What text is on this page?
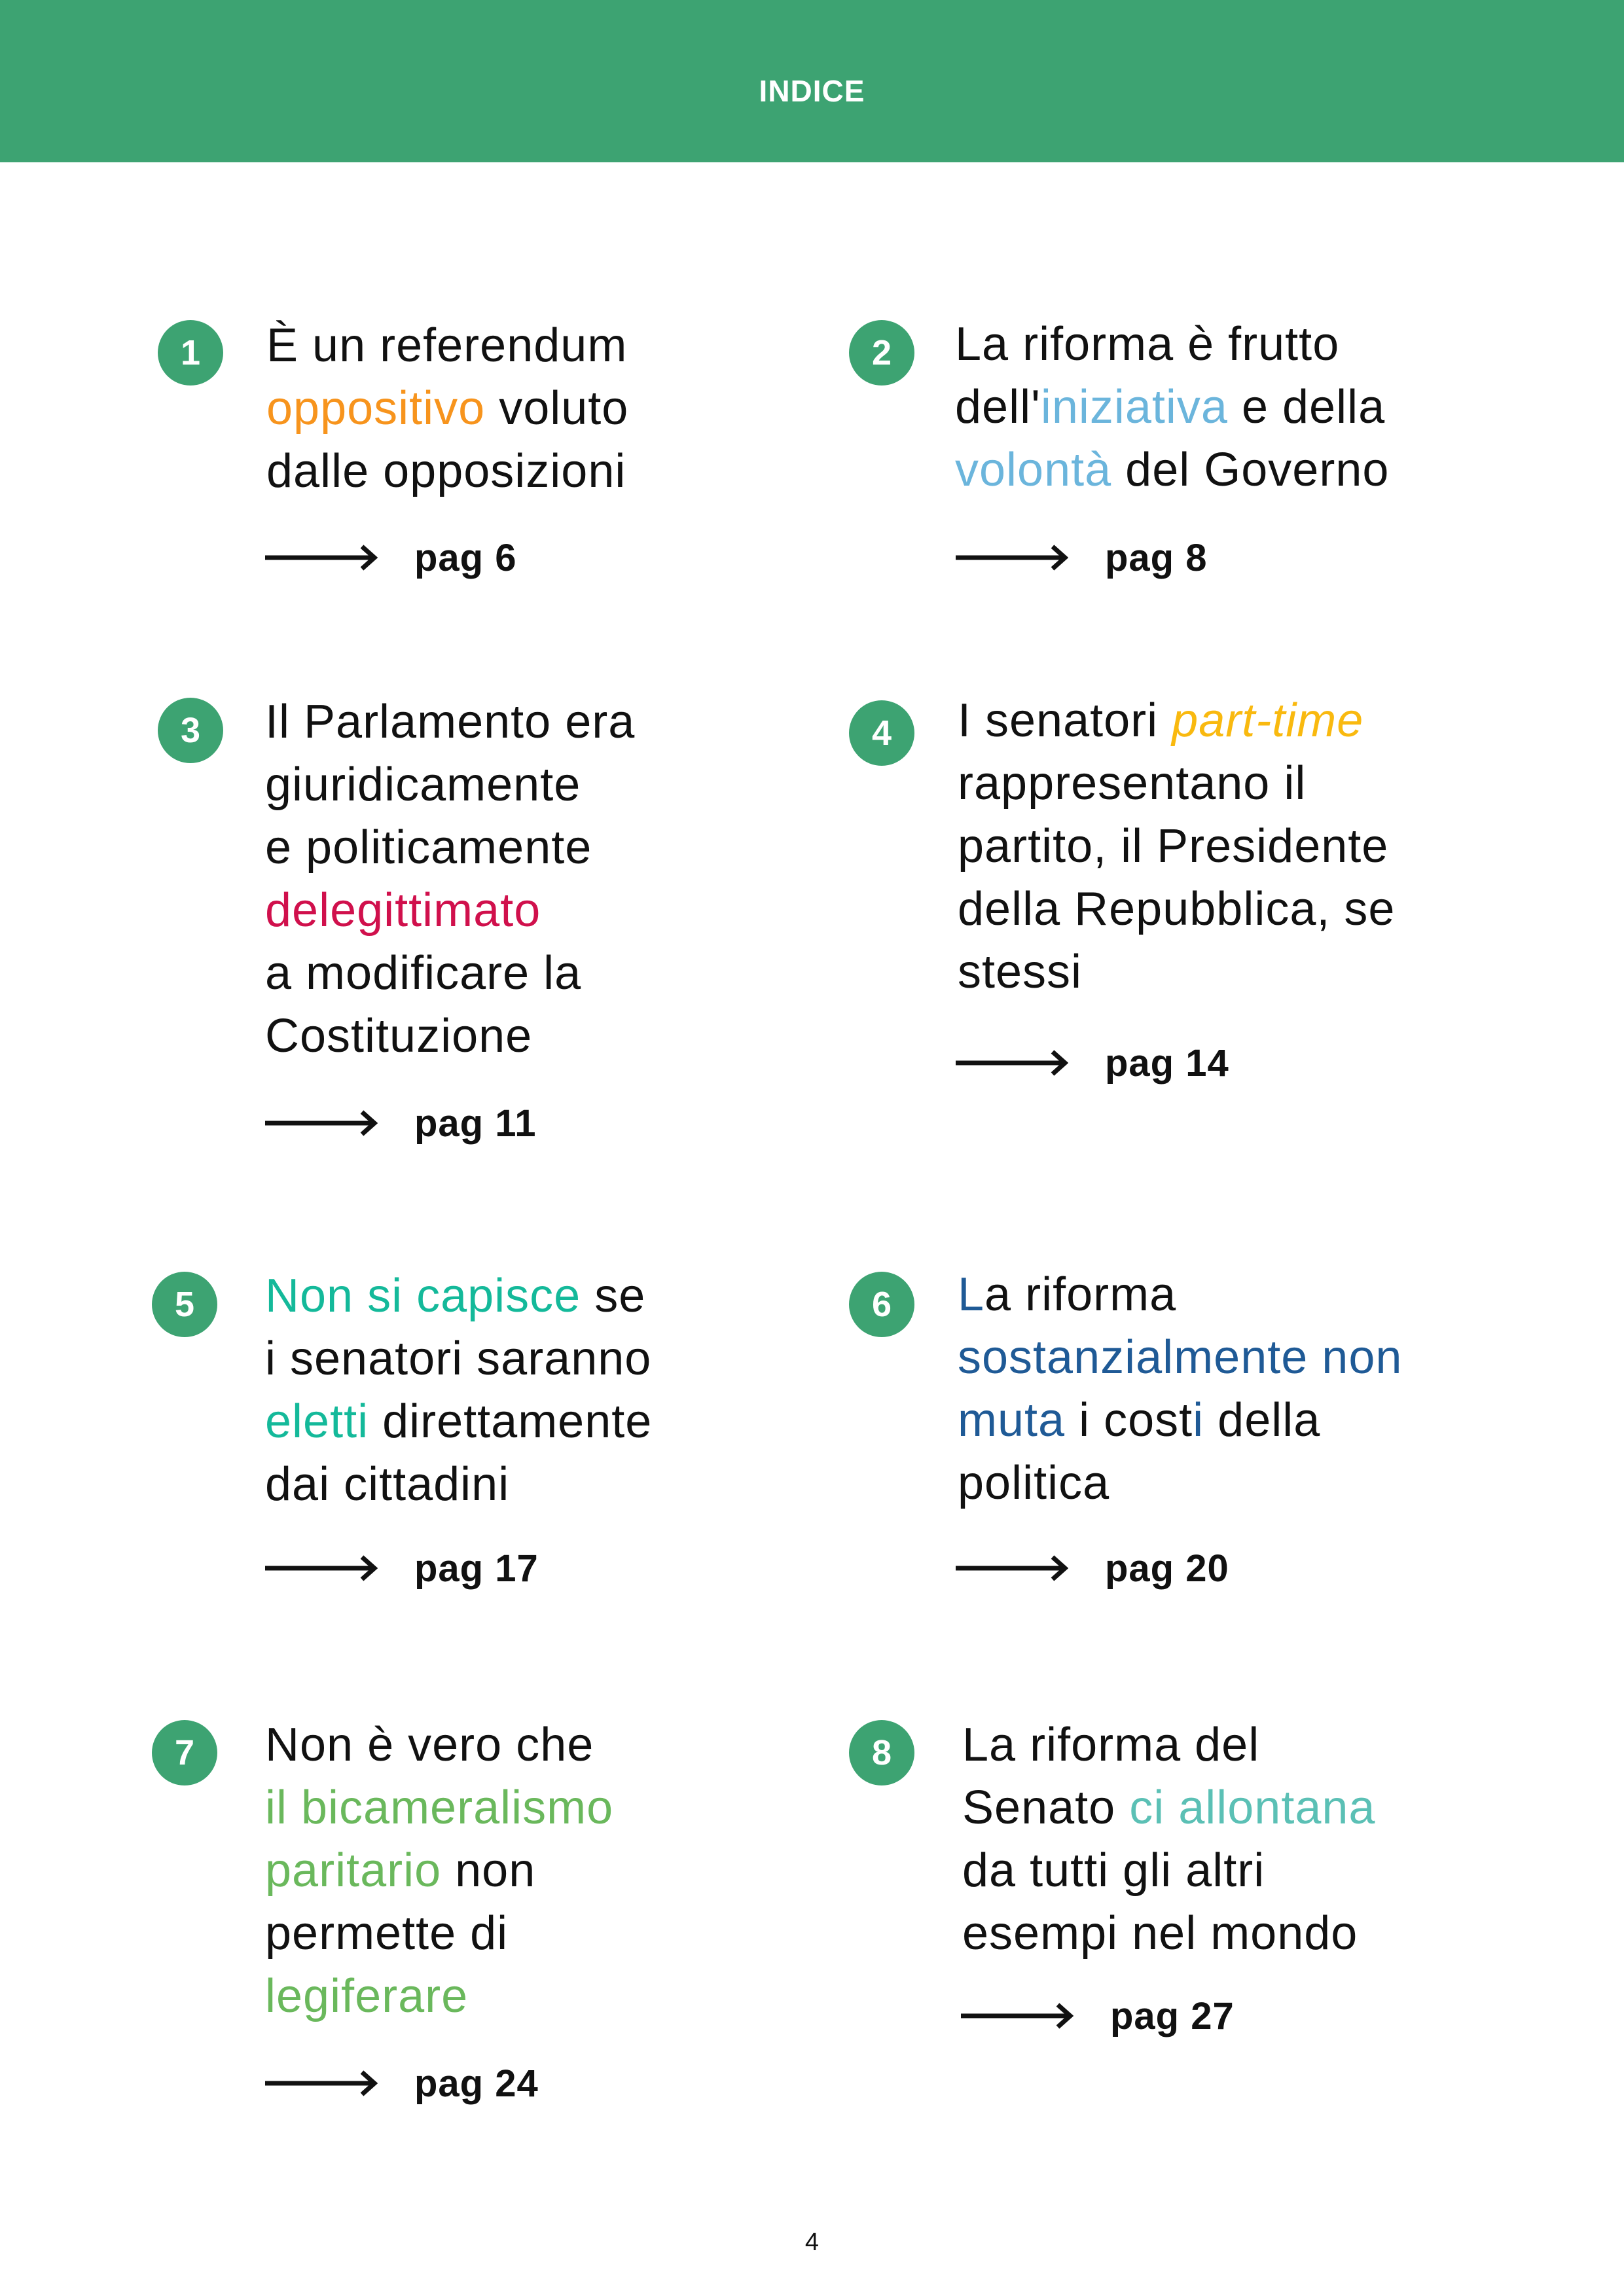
INDICE
1	È un referendum
oppositivo voluto
dalle opposizioni
pag 6
2	La riforma è frutto
dell'iniziativa e della
volontà del Governo
pag 8
3	Il Parlamento era
giuridicamente
e politicamente
delegittimato
a modificare la
Costituzione
pag 11
4	I senatori part-time
rappresentano il
partito, il Presidente
della Repubblica, se
stessi
pag 14
5	Non si capisce se
i senatori saranno
eletti direttamente
dai cittadini
pag 17
6	La riforma
sostanzialmente non
muta i costi della
politica
pag 20
7	Non è vero che
il bicameralismo
paritario non
permette di
legiferare
pag 24
8	La riforma del
Senato ci allontana
da tutti gli altri
esempi nel mondo
pag 27
4
